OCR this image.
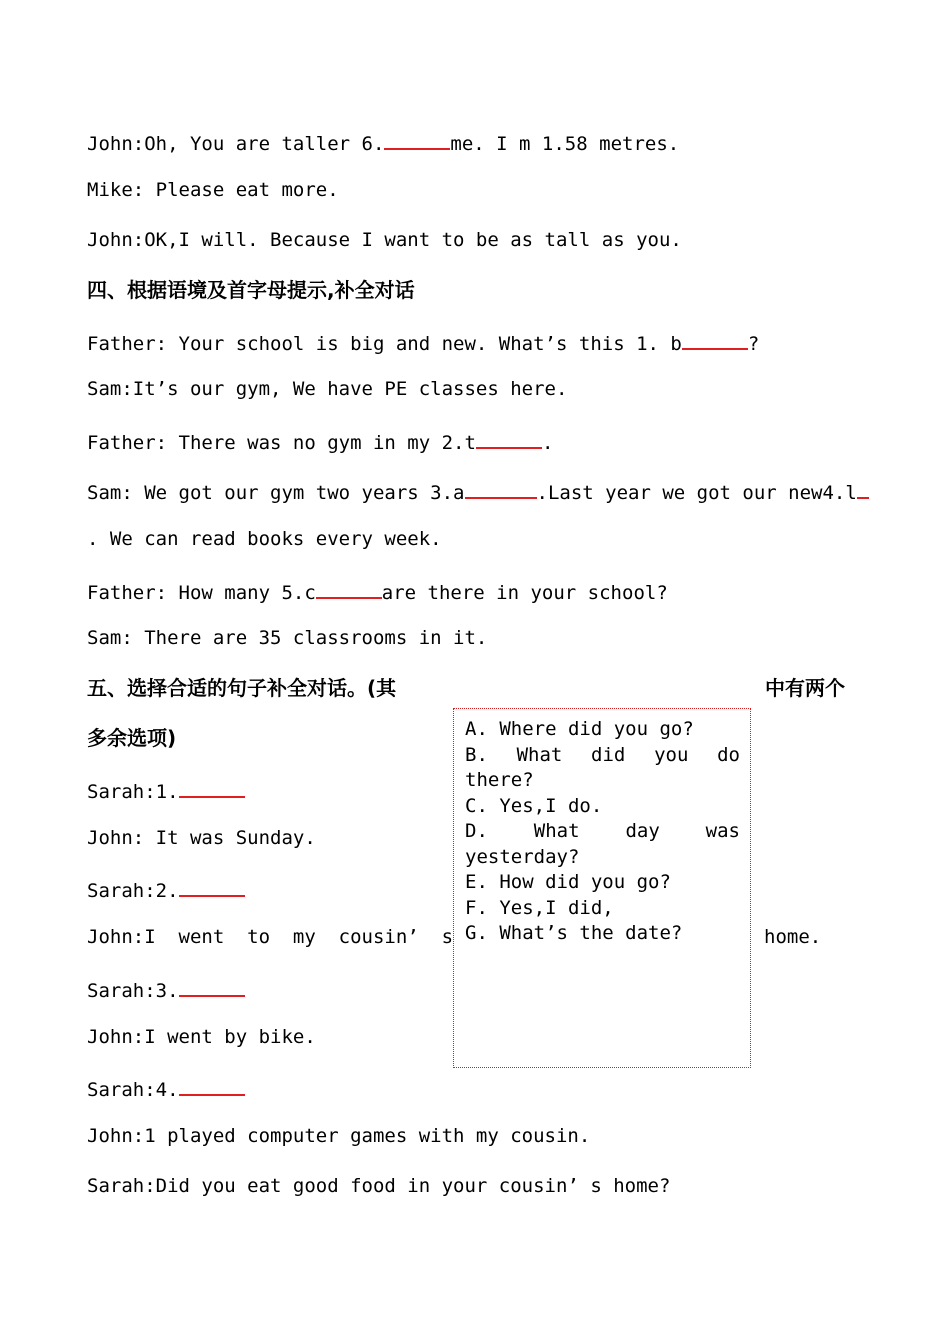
John:Oh, You are taller 6.	me. I m 1.58 metres.
Mike: Please eat more.
John:OK,I will. Because I want to be as tall as you.
四、根据语境及首字母提示,补全对话
Father: Your school is big and new. What’s this 1. b	?
Sam:It’s our gym, We have PE classes here.
Father: There was no gym in my 2.t	.
Sam: We got our gym two years 3.a	.Last year we got our new4.l
. We can read books every week.
Father: How many 5.c	are there in your school?
Sam: There are 35 classrooms in it.
五、选择合适的句子补全对话。(其	中有两个
多余选项)
Sarah:1.
John: It was Sunday.
Sarah:2.
John:I  went  to  my  cousin’  s	home.
Sarah:3.
John:I went by bike.
Sarah:4.
John:1 played computer games with my cousin.
Sarah:Did you eat good food in your cousin’ s home?
A. Where did you go?
B. What did you do there?
C. Yes,I do.
D. What day was yesterday?
E. How did you go?
F. Yes,I did,
G. What’s the date?
